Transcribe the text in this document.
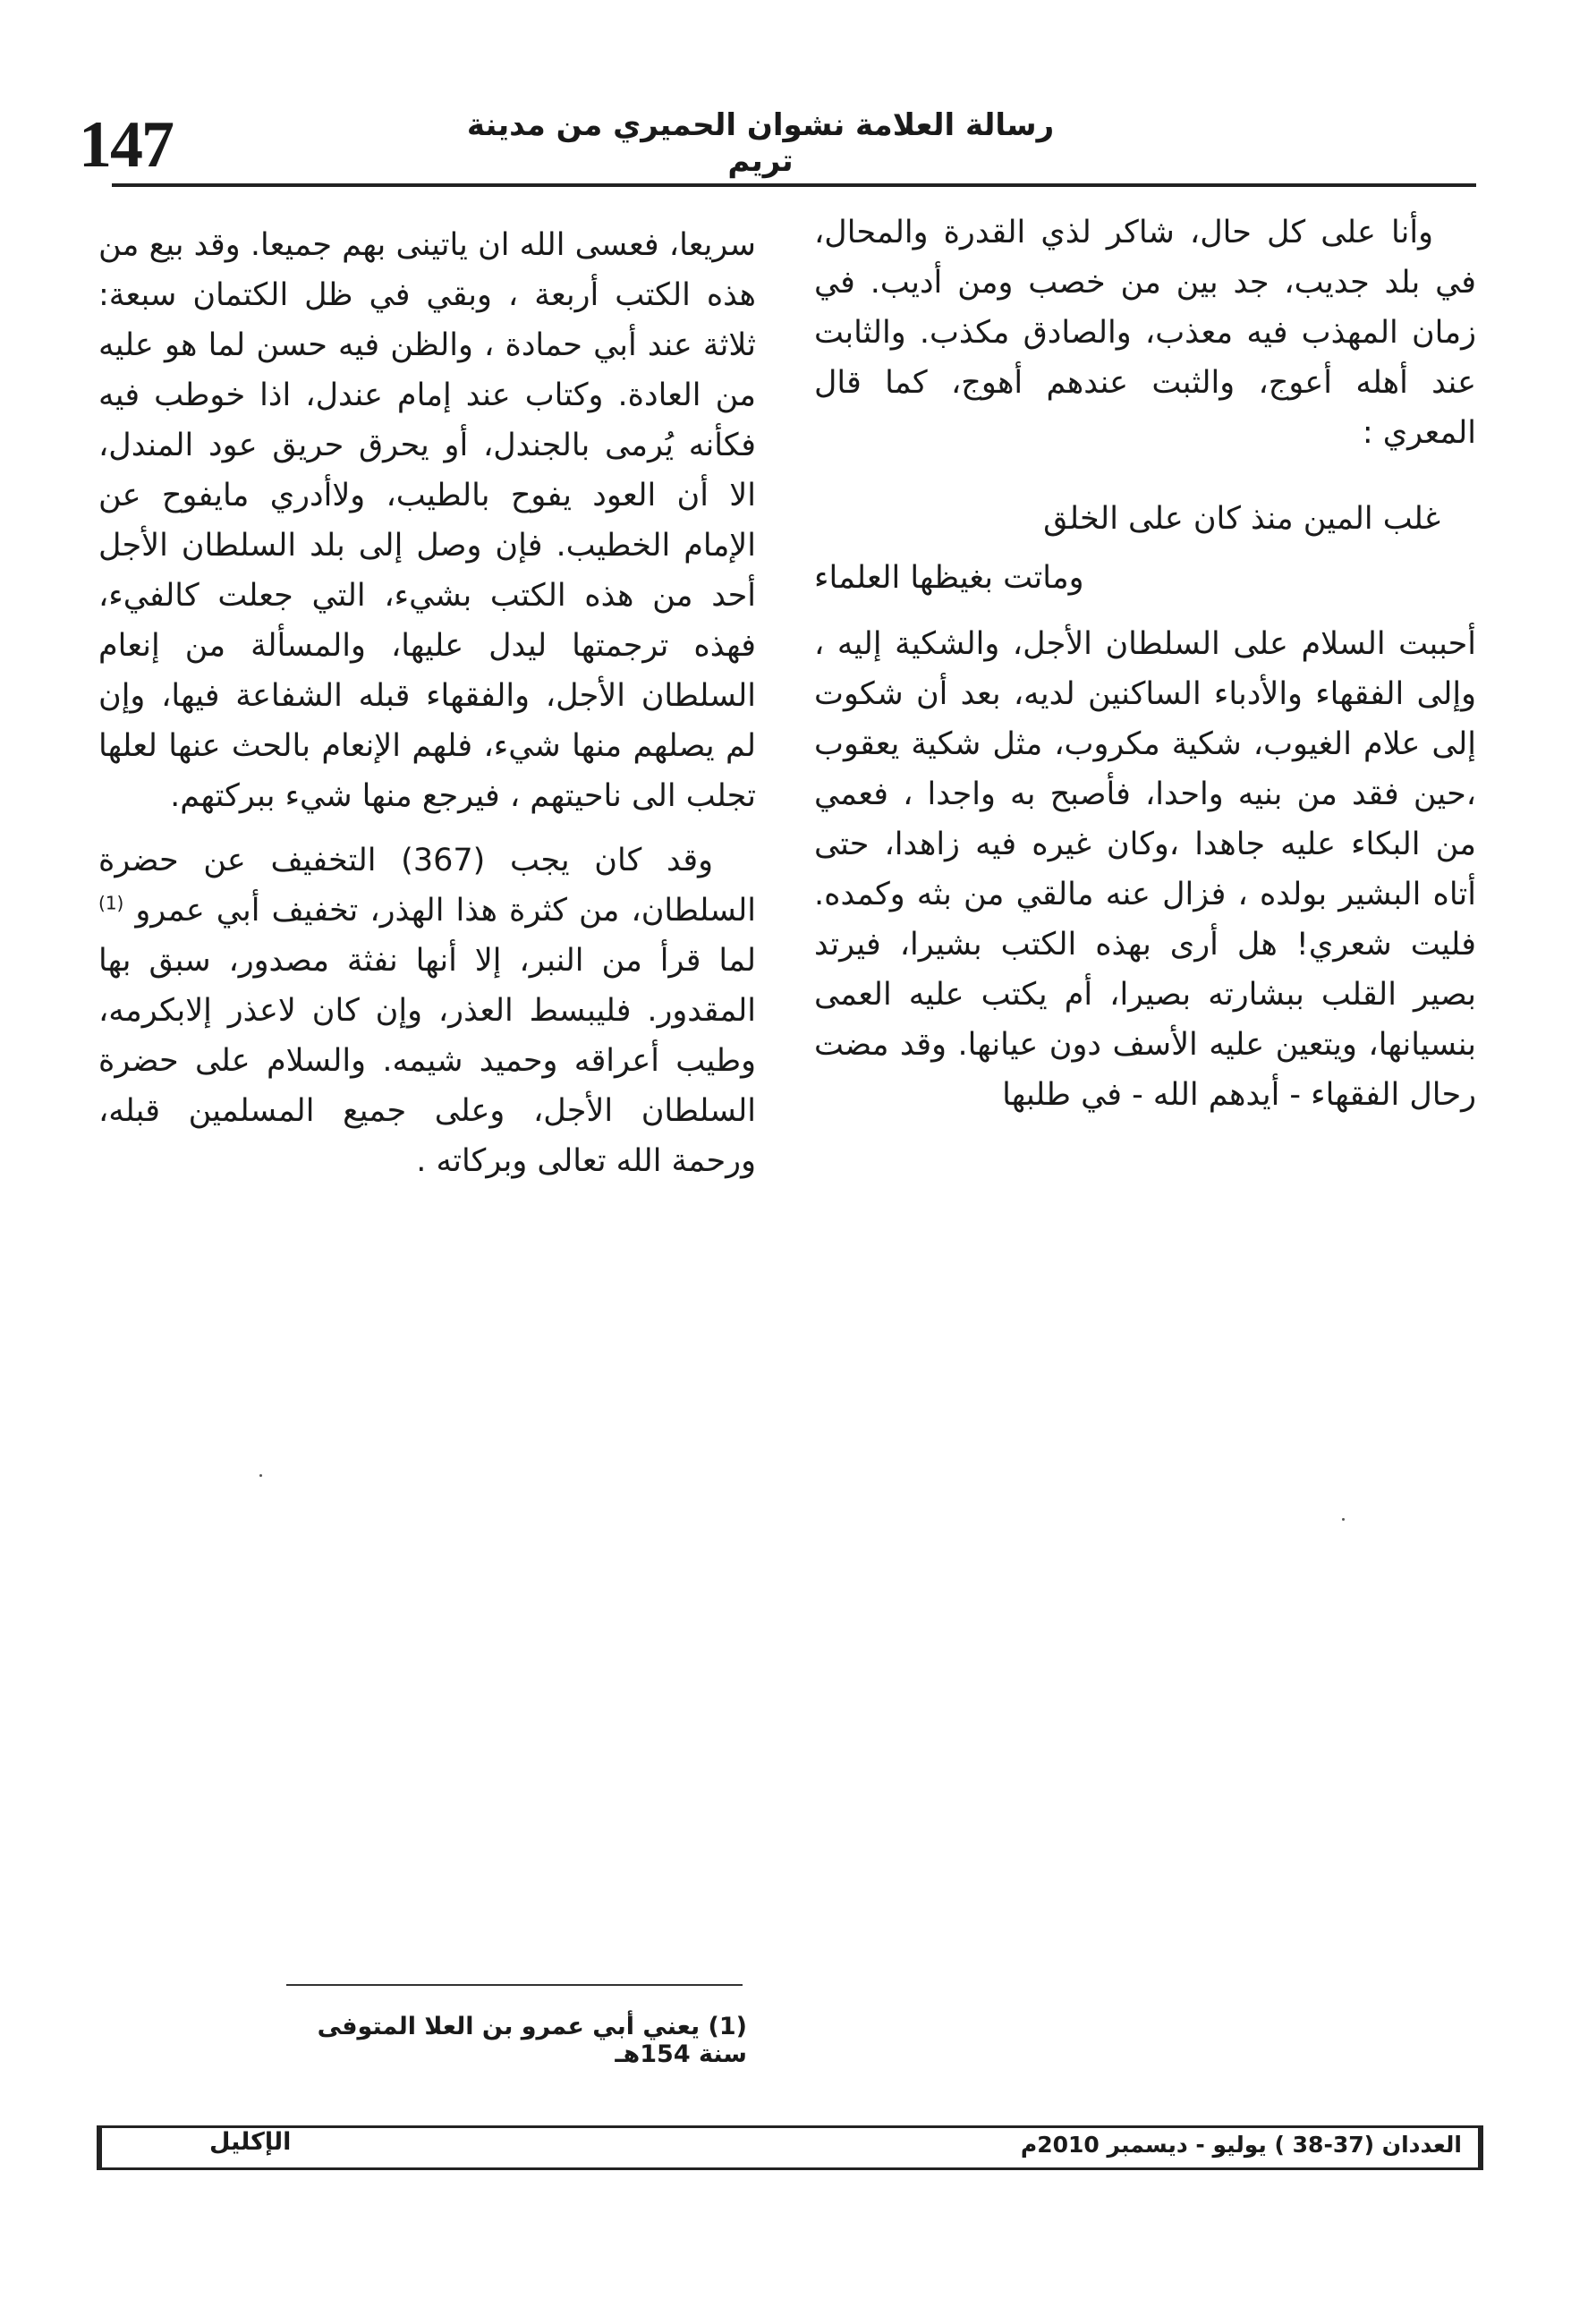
147	رسالة العلامة نشوان الحميري من مدينة تريم

وأنا على كل حال، شاكر لذي القدرة والمحال، في بلد جديب، جد بين من خصب ومن أديب. في زمان المهذب فيه معذب، والصادق مكذب. والثابت عند أهله أعوج، والثبت عندهم أهوج، كما قال المعري :

غلب المين منذ كان على الخلق

وماتت بغيظها العلماء

أحببت السلام على السلطان الأجل، والشكية إليه ، وإلى الفقهاء والأدباء الساكنين لديه، بعد أن شكوت إلى علام الغيوب، شكية مكروب، مثل شكية يعقوب ،حين فقد من بنيه واحدا، فأصبح به واجدا ، فعمي من البكاء عليه جاهدا ،وكان غيره فيه زاهدا، حتى أتاه البشير بولده ، فزال عنه مالقي من بثه وكمده. فليت شعري! هل أرى بهذه الكتب بشيرا، فيرتد بصير القلب ببشارته بصيرا، أم يكتب عليه العمى بنسيانها، ويتعين عليه الأسف دون عيانها. وقد مضت رحال الفقهاء - أيدهم الله - في طلبها

سريعا، فعسى الله ان ياتينى بهم جميعا. وقد بيع من هذه الكتب أربعة ، وبقي في ظل الكتمان سبعة: ثلاثة عند أبي حمادة ، والظن فيه حسن لما هو عليه من العادة. وكتاب عند إمام عندل، اذا خوطب فيه فكأنه يُرمى بالجندل، أو يحرق حريق عود المندل، الا أن العود يفوح بالطيب، ولاأدري مايفوح عن الإمام الخطيب. فإن وصل إلى بلد السلطان الأجل أحد من هذه الكتب بشيء، التي جعلت كالفيء، فهذه ترجمتها ليدل عليها، والمسألة من إنعام السلطان الأجل، والفقهاء قبله الشفاعة فيها، وإن لم يصلهم منها شيء، فلهم الإنعام بالحث عنها لعلها تجلب الى ناحيتهم ، فيرجع منها شيء ببركتهم.

وقد كان يجب (367) التخفيف عن حضرة السلطان، من كثرة هذا الهذر، تخفيف أبي عمرو $^{(1)}$ لما قرأ من النبر، إلا أنها نفثة مصدور، سبق بها المقدور. فليبسط العذر، وإن كان لاعذر إلابكرمه، وطيب أعراقه وحميد شيمه. والسلام على حضرة السلطان الأجل، وعلى جميع المسلمين قبله، ورحمة الله تعالى وبركاته .

(1) يعني أبي عمرو بن العلا المتوفى سنة 154هـ
العددان (37-38 ) يوليو - ديسمبر 2010م
الإكليل
